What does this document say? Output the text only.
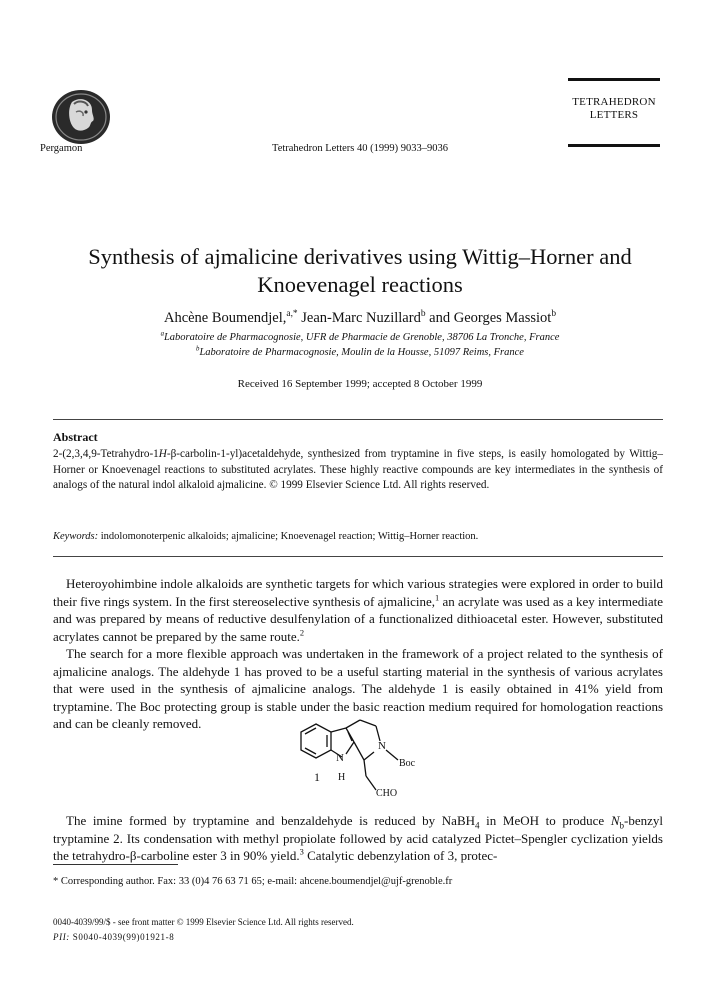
Pergamon	Tetrahedron Letters 40 (1999) 9033–9036
TETRAHEDRON
LETTERS
Synthesis of ajmalicine derivatives using Wittig–Horner and
Knoevenagel reactions
Ahcène Boumendjel,$^{a,*}$ Jean-Marc Nuzillard$^b$ and Georges Massiot$^b$
$^a$Laboratoire de Pharmacognosie, UFR de Pharmacie de Grenoble, 38706 La Tronche, France
$^b$Laboratoire de Pharmacognosie, Moulin de la Housse, 51097 Reims, France
Received 16 September 1999; accepted 8 October 1999
Abstract
2-(2,3,4,9-Tetrahydro-1H-β-carbolin-1-yl)acetaldehyde, synthesized from tryptamine in five steps, is easily homologated by Wittig–Horner or Knoevenagel reactions to substituted acrylates. These highly reactive compounds are key intermediates in the synthesis of analogs of the natural indol alkaloid ajmalicine. © 1999 Elsevier Science Ltd. All rights reserved.
Keywords: indolomonoterpenic alkaloids; ajmalicine; Knoevenagel reaction; Wittig–Horner reaction.

Heteroyohimbine indole alkaloids are synthetic targets for which various strategies were explored in order to build their five rings system. In the first stereoselective synthesis of ajmalicine,$^1$ an acrylate was used as a key intermediate and was prepared by means of reductive desulfenylation of a functionalized dithioacetal ester. However, substituted acrylates cannot be prepared by the same route.$^2$

The search for a more flexible approach was undertaken in the framework of a project related to the synthesis of ajmalicine analogs. The aldehyde 1 has proved to be a useful starting material in the synthesis of various acrylates that were used in the synthesis of ajmalicine analogs. The aldehyde 1 is easily obtained in 41% yield from tryptamine. The Boc protecting group is stable under the basic reaction medium required for homologation reactions and can be cleanly removed.

N
H
1
N
Boc
CHO

The imine formed by tryptamine and benzaldehyde is reduced by NaBH$_4$ in MeOH to produce $N_b$-benzyl tryptamine 2. Its condensation with methyl propiolate followed by acid catalyzed Pictet–Spengler cyclization yields the tetrahydro-β-carboline ester 3 in 90% yield.$^3$ Catalytic debenzylation of 3, protec-

* Corresponding author. Fax: 33 (0)4 76 63 71 65; e-mail: ahcene.boumendjel@ujf-grenoble.fr
0040-4039/99/$ - see front matter © 1999 Elsevier Science Ltd. All rights reserved.
PII: S0040-4039(99)01921-8
